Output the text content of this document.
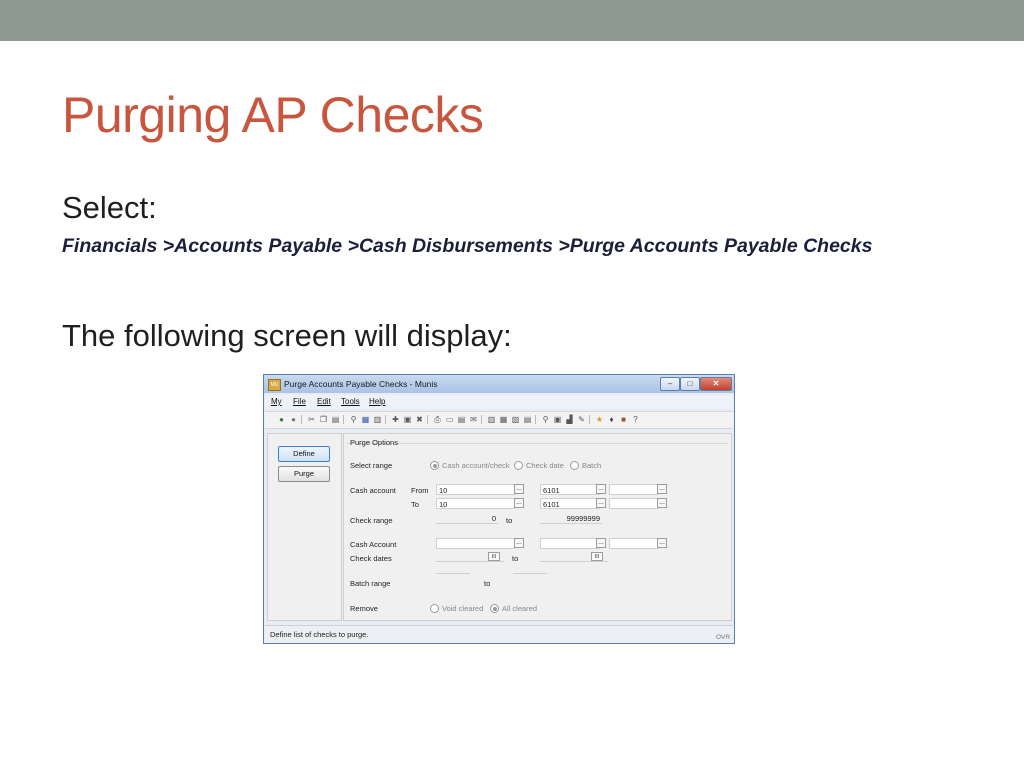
Purging AP Checks
Select:
Financials >Accounts Payable >Cash Disbursements >Purge Accounts Payable Checks
The following screen will display:
MU Purge Accounts Payable Checks - Munis	–	□	✕
My File Edit Tools Help
● ● ✂ ❐ ▤ ⚲ ▦ ▥ ✚ ▣ ✖ ⎙ ▭ ▤ ✉ ▥ ▦ ▧ ▤ ⚲ ▣ ▟ ✎ ★ ♦ ■ ?
Define
Purge
Purge Options
Select range	Cash account/check Check date Batch
Cash account From	10	...	6101	...	...
To	10	...	6101	...	...
Check range	0 to	99999999
Cash Account	...	...	...
Check dates	III	to	III
Batch range	to
Remove	Void cleared All cleared
Define list of checks to purge.	OVR
